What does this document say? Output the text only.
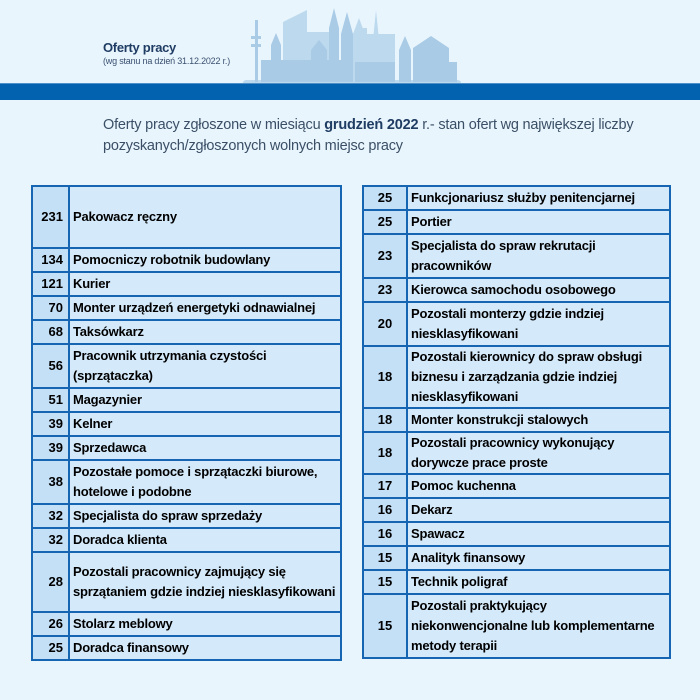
Oferty pracy
(wg stanu na dzień 31.12.2022 r.)
Oferty pracy zgłoszone w miesiącu grudzień 2022 r.- stan ofert wg największej liczby pozyskanych/zgłoszonych wolnych miejsc pracy
231	Pakowacz ręczny
134	Pomocniczy robotnik budowlany
121	Kurier
70	Monter urządzeń energetyki odnawialnej
68	Taksówkarz
56	Pracownik utrzymania czystości (sprzątaczka)
51	Magazynier
39	Kelner
39	Sprzedawca
38	Pozostałe pomoce i sprzątaczki biurowe, hotelowe i podobne
32	Specjalista do spraw sprzedaży
32	Doradca klienta
28	Pozostali pracownicy zajmujący się sprzątaniem gdzie indziej niesklasyfikowani
26	Stolarz meblowy
25	Doradca finansowy
25	Funkcjonariusz służby penitencjarnej
25	Portier
23	Specjalista do spraw rekrutacji pracowników
23	Kierowca samochodu osobowego
20	Pozostali monterzy gdzie indziej niesklasyfikowani
18	Pozostali kierownicy do spraw obsługi biznesu i zarządzania gdzie indziej niesklasyfikowani
18	Monter konstrukcji stalowych
18	Pozostali pracownicy wykonujący dorywcze prace proste
17	Pomoc kuchenna
16	Dekarz
16	Spawacz
15	Analityk finansowy
15	Technik poligraf
15	Pozostali praktykujący niekonwencjonalne lub komplementarne metody terapii
